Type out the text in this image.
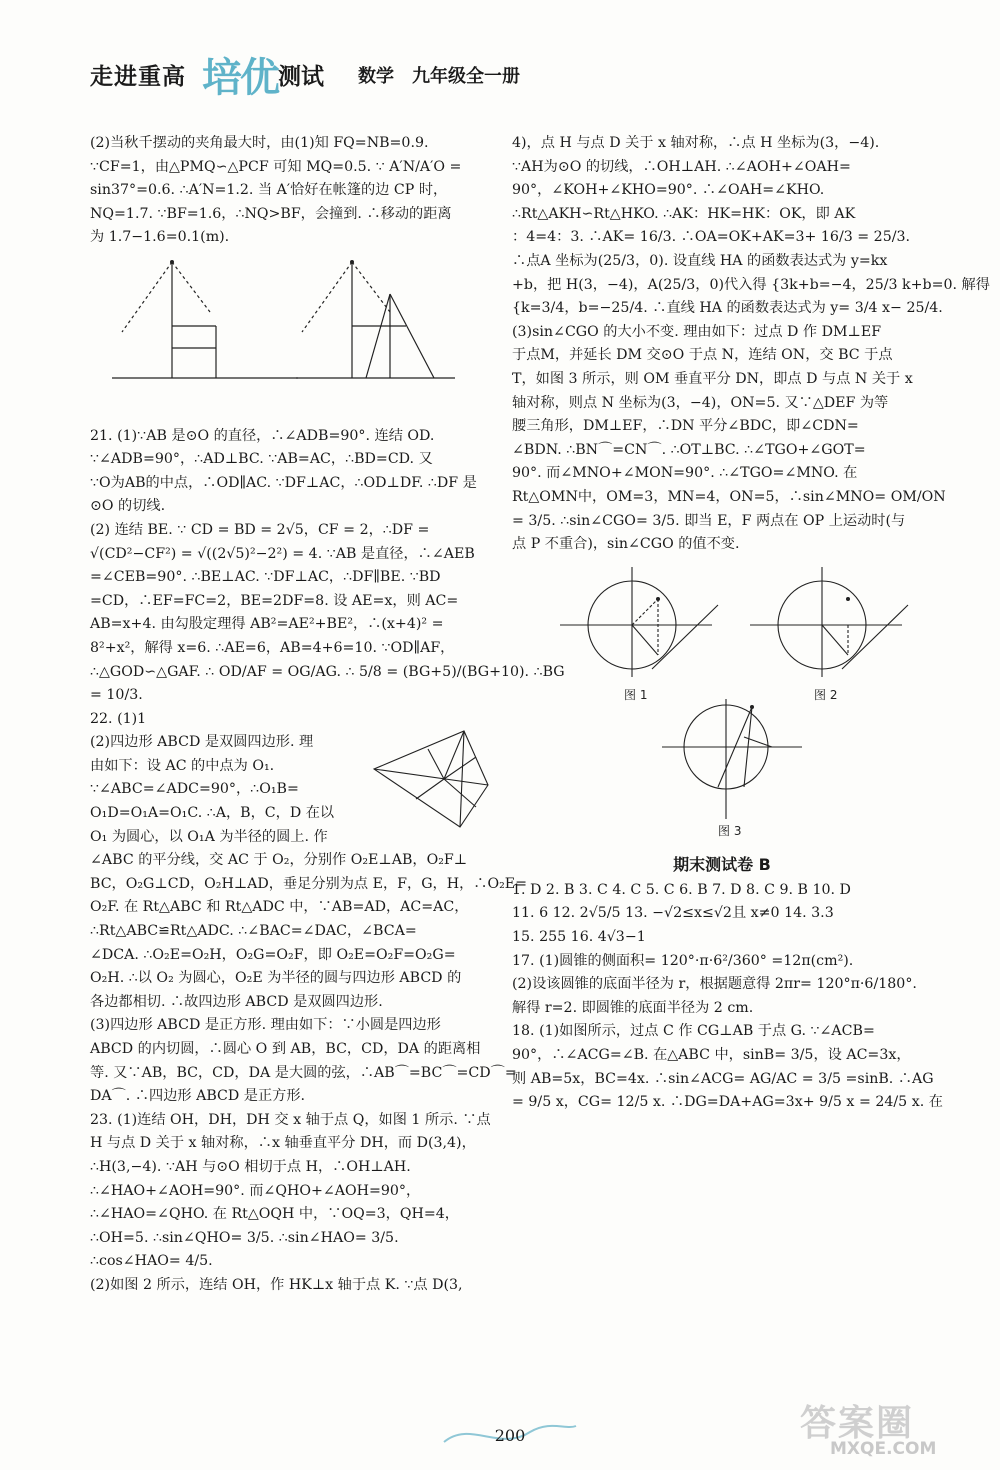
走进重高 培优 测试 数学 九年级全一册

(2)当秋千摆动的夹角最大时，由(1)知 FQ=NB=0.9.

∵CF=1，由△PMQ∽△PCF 可知 MQ=0.5. ∵ A′N/A′O =

sin37°=0.6. ∴A′N=1.2. 当 A′恰好在帐篷的边 CP 时，

NQ=1.7. ∵BF=1.6，∴NQ>BF，会撞到. ∴移动的距离

为 1.7−1.6=0.1(m).

21. (1)∵AB 是⊙O 的直径，∴∠ADB=90°. 连结 OD.

∵∠ADB=90°，∴AD⊥BC. ∵AB=AC，∴BD=CD. 又

∵O为AB的中点，∴OD∥AC. ∵DF⊥AC，∴OD⊥DF. ∴DF 是

⊙O 的切线.

(2) 连结 BE. ∵ CD = BD = 2√5，CF = 2，∴DF =

√(CD²−CF²) = √((2√5)²−2²) = 4. ∵AB 是直径，∴∠AEB

=∠CEB=90°. ∴BE⊥AC. ∵DF⊥AC，∴DF∥BE. ∵BD

=CD，∴EF=FC=2，BE=2DF=8. 设 AE=x，则 AC=

AB=x+4. 由勾股定理得 AB²=AE²+BE²，∴(x+4)² =

8²+x²，解得 x=6. ∴AE=6，AB=4+6=10. ∵OD∥AF，

∴△GOD∽△GAF. ∴ OD/AF = OG/AG. ∴ 5/8 = (BG+5)/(BG+10). ∴BG

= 10/3.

22. (1)1

(2)四边形 ABCD 是双圆四边形. 理

由如下：设 AC 的中点为 O₁.

∵∠ABC=∠ADC=90°，∴O₁B=

O₁D=O₁A=O₁C. ∴A，B，C，D 在以

O₁ 为圆心，以 O₁A 为半径的圆上. 作

∠ABC 的平分线，交 AC 于 O₂，分别作 O₂E⊥AB，O₂F⊥

BC，O₂G⊥CD，O₂H⊥AD，垂足分别为点 E，F，G，H，∴O₂E=

O₂F. 在 Rt△ABC 和 Rt△ADC 中，∵AB=AD，AC=AC，

∴Rt△ABC≌Rt△ADC. ∴∠BAC=∠DAC，∠BCA=

∠DCA. ∴O₂E=O₂H，O₂G=O₂F，即 O₂E=O₂F=O₂G=

O₂H. ∴以 O₂ 为圆心，O₂E 为半径的圆与四边形 ABCD 的

各边都相切. ∴故四边形 ABCD 是双圆四边形.

(3)四边形 ABCD 是正方形. 理由如下：∵小圆是四边形

ABCD 的内切圆，∴圆心 O 到 AB，BC，CD，DA 的距离相

等. 又∵AB，BC，CD，DA 是大圆的弦，∴AB⌒=BC⌒=CD⌒=

DA⌒. ∴四边形 ABCD 是正方形.

23. (1)连结 OH，DH，DH 交 x 轴于点 Q，如图 1 所示. ∵点

H 与点 D 关于 x 轴对称，∴x 轴垂直平分 DH，而 D(3,4)，

∴H(3,−4). ∵AH 与⊙O 相切于点 H，∴OH⊥AH.

∴∠HAO+∠AOH=90°. 而∠QHO+∠AOH=90°，

∴∠HAO=∠QHO. 在 Rt△OQH 中，∵OQ=3，QH=4，

∴OH=5. ∴sin∠QHO= 3/5. ∴sin∠HAO= 3/5.

∴cos∠HAO= 4/5.

(2)如图 2 所示，连结 OH，作 HK⊥x 轴于点 K. ∵点 D(3,

4)，点 H 与点 D 关于 x 轴对称，∴点 H 坐标为(3，−4).

∵AH为⊙O 的切线，∴OH⊥AH. ∴∠AOH+∠OAH=

90°，∠KOH+∠KHO=90°. ∴∠OAH=∠KHO.

∴Rt△AKH∽Rt△HKO. ∴AK：HK=HK：OK，即 AK

：4=4：3. ∴AK= 16/3. ∴OA=OK+AK=3+ 16/3 = 25/3.

∴点A 坐标为(25/3，0). 设直线 HA 的函数表达式为 y=kx

+b，把 H(3，−4)，A(25/3，0)代入得 {3k+b=−4，25/3 k+b=0. 解得

{k=3/4，b=−25/4. ∴直线 HA 的函数表达式为 y= 3/4 x− 25/4.

(3)sin∠CGO 的大小不变. 理由如下：过点 D 作 DM⊥EF

于点M，并延长 DM 交⊙O 于点 N，连结 ON，交 BC 于点

T，如图 3 所示，则 OM 垂直平分 DN，即点 D 与点 N 关于 x

轴对称，则点 N 坐标为(3，−4)，ON=5. 又∵△DEF 为等

腰三角形，DM⊥EF，∴DN 平分∠BDC，即∠CDN=

∠BDN. ∴BN⌒=CN⌒. ∴OT⊥BC. ∴∠TGO+∠GOT=

90°. 而∠MNO+∠MON=90°. ∴∠TGO=∠MNO. 在

Rt△OMN中，OM=3，MN=4，ON=5，∴sin∠MNO= OM/ON

= 3/5. ∴sin∠CGO= 3/5. 即当 E，F 两点在 OP 上运动时(与

点 P 不重合)，sin∠CGO 的值不变.

图 1	图 2
图 3
期末测试卷 B

1. D 2. B 3. C 4. C 5. C 6. B 7. D 8. C 9. B 10. D

11. 6 12. 2√5/5 13. −√2≤x≤√2且 x≠0 14. 3.3

15. 255 16. 4√3−1

17. (1)圆锥的侧面积= 120°·π·6²/360° =12π(cm²).

(2)设该圆锥的底面半径为 r，根据题意得 2πr= 120°π·6/180°.

解得 r=2. 即圆锥的底面半径为 2 cm.

18. (1)如图所示，过点 C 作 CG⊥AB 于点 G. ∵∠ACB=

90°，∴∠ACG=∠B. 在△ABC 中，sinB= 3/5，设 AC=3x，

则 AB=5x，BC=4x. ∴sin∠ACG= AG/AC = 3/5 =sinB. ∴AG

= 9/5 x，CG= 12/5 x. ∴DG=DA+AG=3x+ 9/5 x = 24/5 x. 在

200	答案圈
MXQE.COM
